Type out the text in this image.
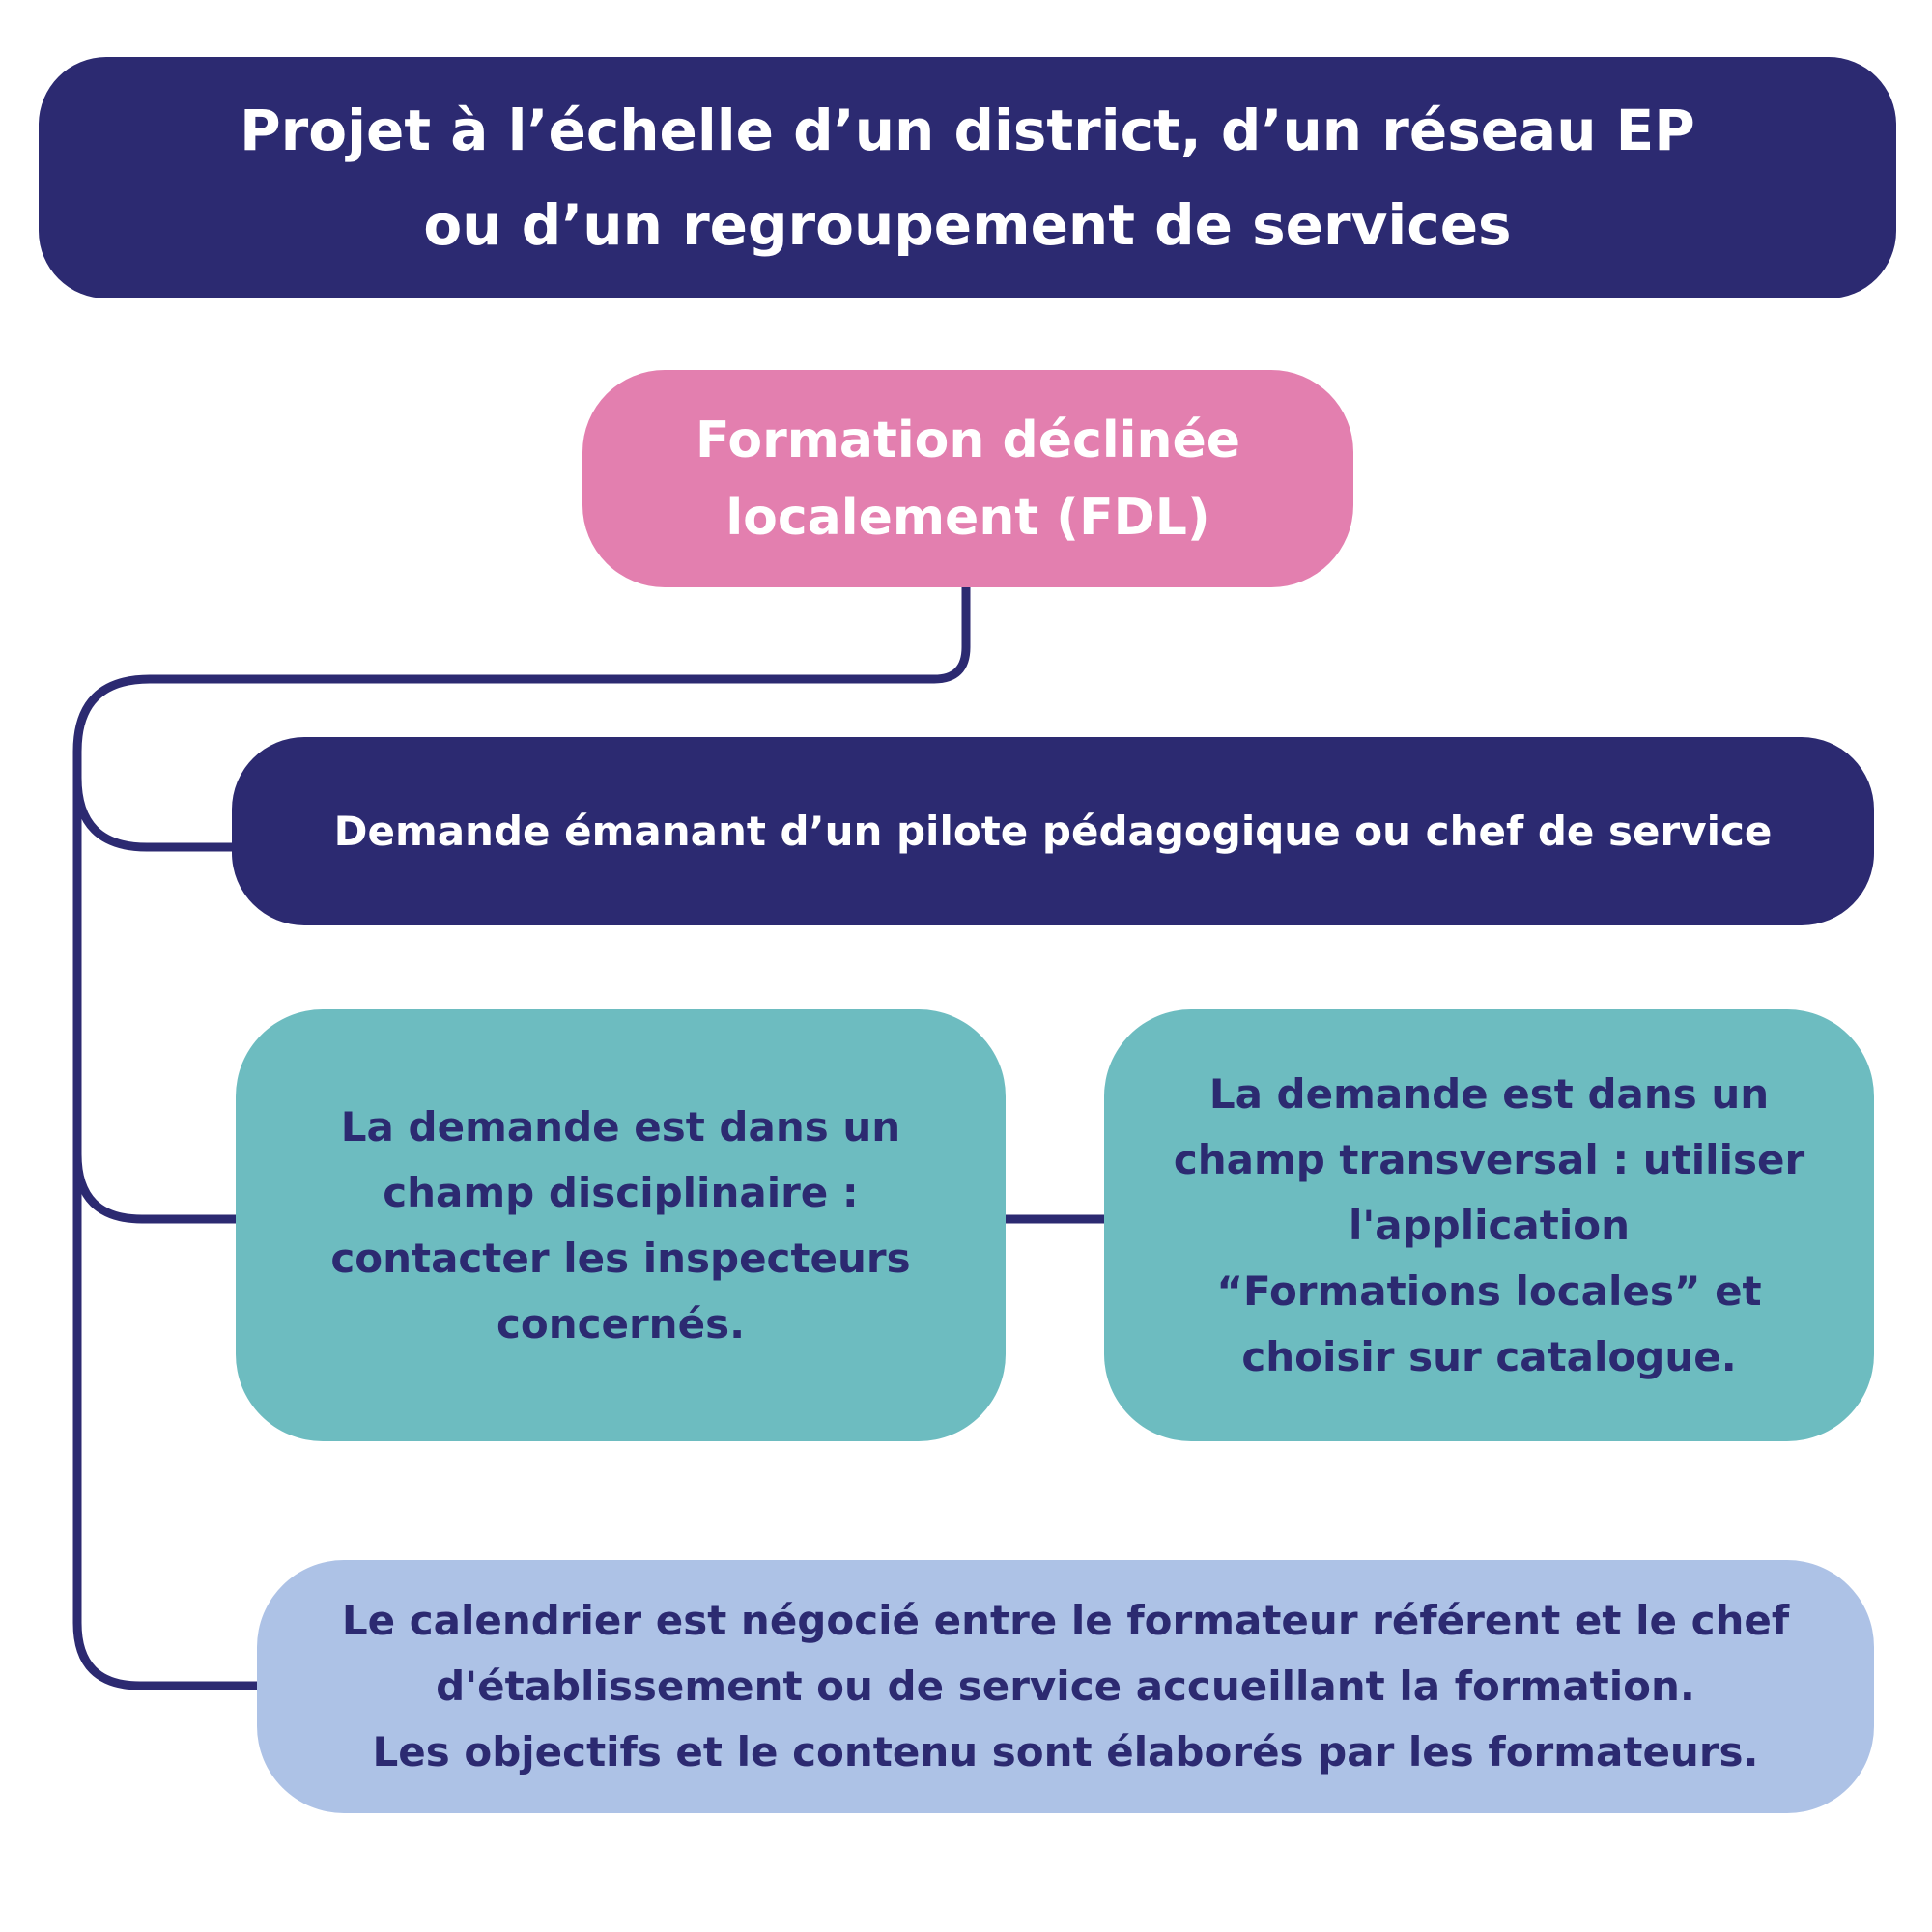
Projet à l’échelle d’un district, d’un réseau EP
ou d’un regroupement de services
Formation déclinée
localement (FDL)
Demande émanant d’un pilote pédagogique ou chef de service
La demande est dans un
champ disciplinaire :
contacter les inspecteurs
concernés.
La demande est dans un
champ transversal : utiliser
l'application
“Formations locales” et
choisir sur catalogue.
Le calendrier est négocié entre le formateur référent et le chef
d'établissement ou de service accueillant la formation.
Les objectifs et le contenu sont élaborés par les formateurs.
